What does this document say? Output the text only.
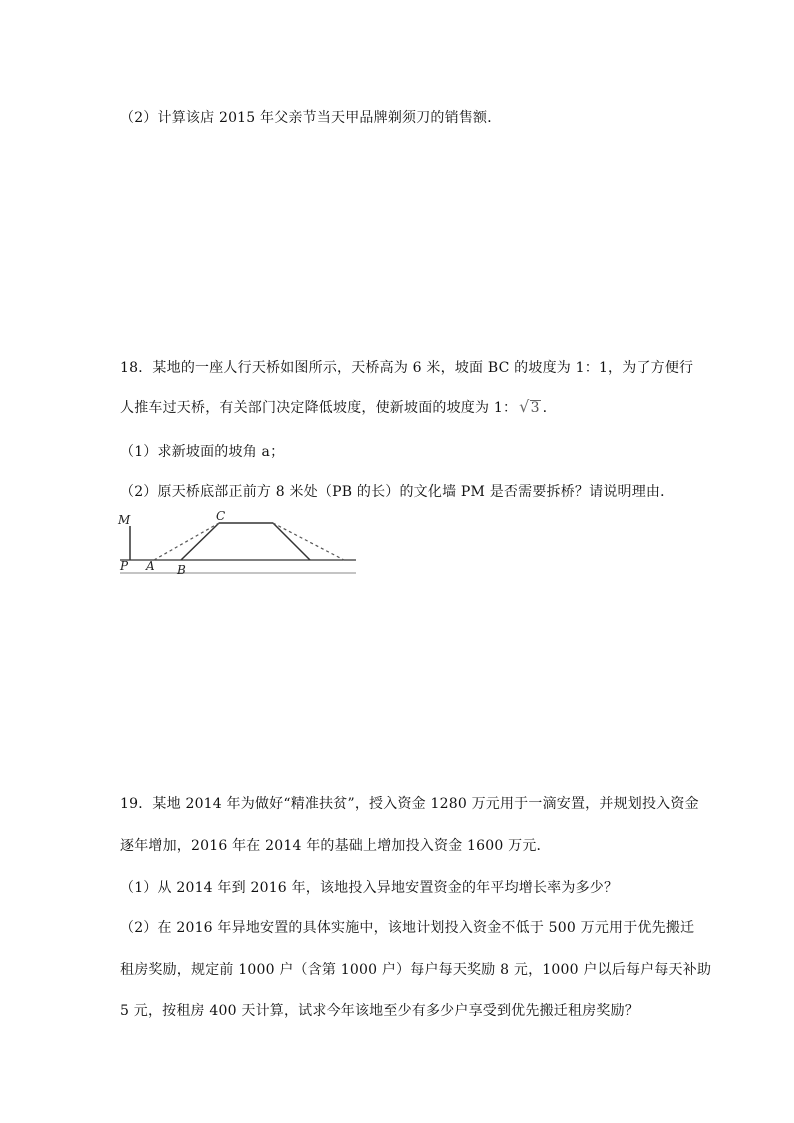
（2）计算该店 2015 年父亲节当天甲品牌剃须刀的销售额．
18．某地的一座人行天桥如图所示，天桥高为 6 米，坡面 BC 的坡度为 1：1，为了方便行
人推车过天桥，有关部门决定降低坡度，使新坡面的坡度为 1： √3 .
（1）求新坡面的坡角 a；
（2）原天桥底部正前方 8 米处（PB 的长）的文化墙 PM 是否需要拆桥？请说明理由．
M	C
P A B
19．某地 2014 年为做好“精准扶贫”，授入资金 1280 万元用于一滴安置，并规划投入资金
逐年增加，2016 年在 2014 年的基础上增加投入资金 1600 万元．
（1）从 2014 年到 2016 年，该地投入异地安置资金的年平均增长率为多少？
（2）在 2016 年异地安置的具体实施中，该地计划投入资金不低于 500 万元用于优先搬迁
租房奖励，规定前 1000 户（含第 1000 户）每户每天奖励 8 元，1000 户以后每户每天补助
5 元，按租房 400 天计算，试求今年该地至少有多少户享受到优先搬迁租房奖励？
